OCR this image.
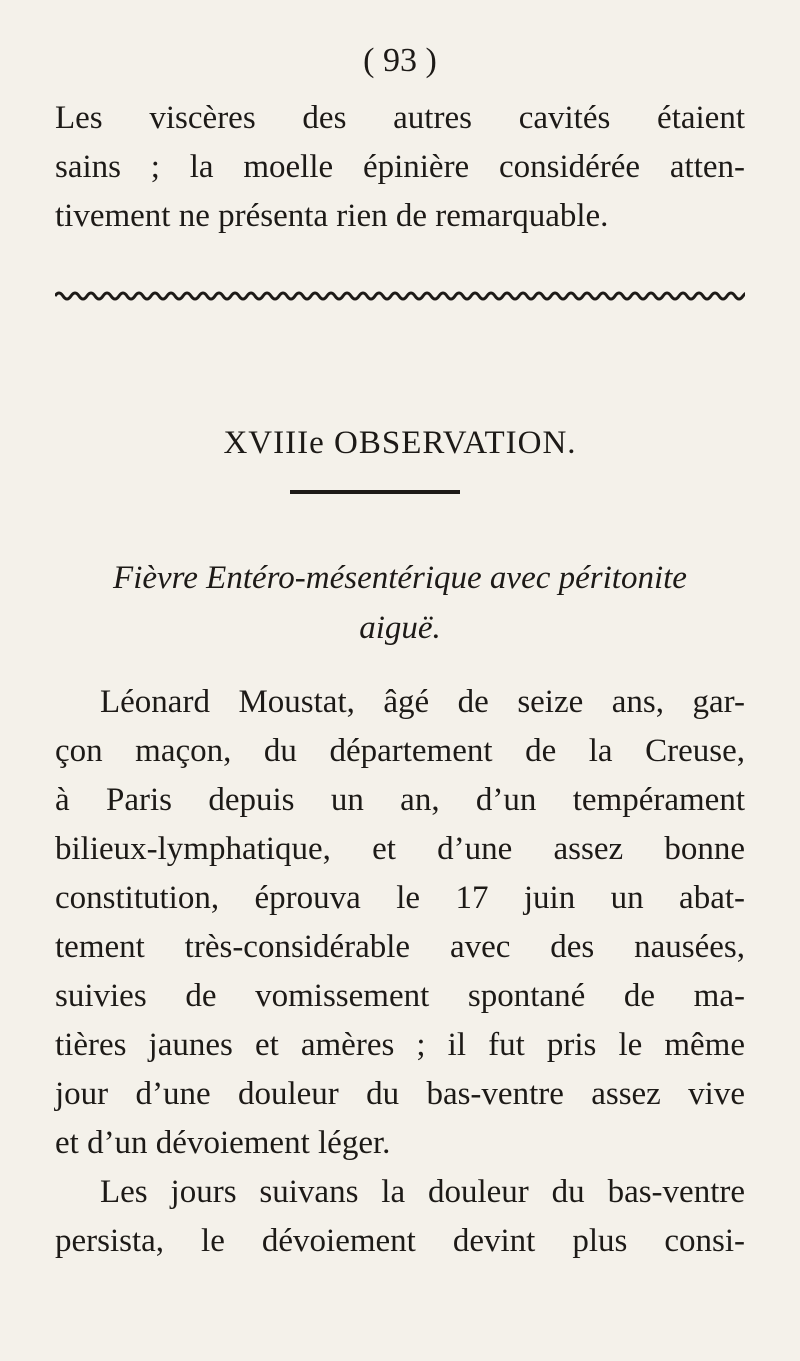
( 93 )
Les viscères des autres cavités étaient
sains ; la moelle épinière considérée atten-
tivement ne présenta rien de remarquable.
XVIIIe OBSERVATION.
Fièvre Entéro-mésentérique avec péritonite
aiguë.
Léonard Moustat, âgé de seize ans, gar-
çon maçon, du département de la Creuse,
à Paris depuis un an, d’un tempérament
bilieux-lymphatique, et d’une assez bonne
constitution, éprouva le 17 juin un abat-
tement très-considérable avec des nausées,
suivies de vomissement spontané de ma-
tières jaunes et amères ; il fut pris le même
jour d’une douleur du bas-ventre assez vive
et d’un dévoiement léger.
Les jours suivans la douleur du bas-ventre
persista, le dévoiement devint plus consi-
